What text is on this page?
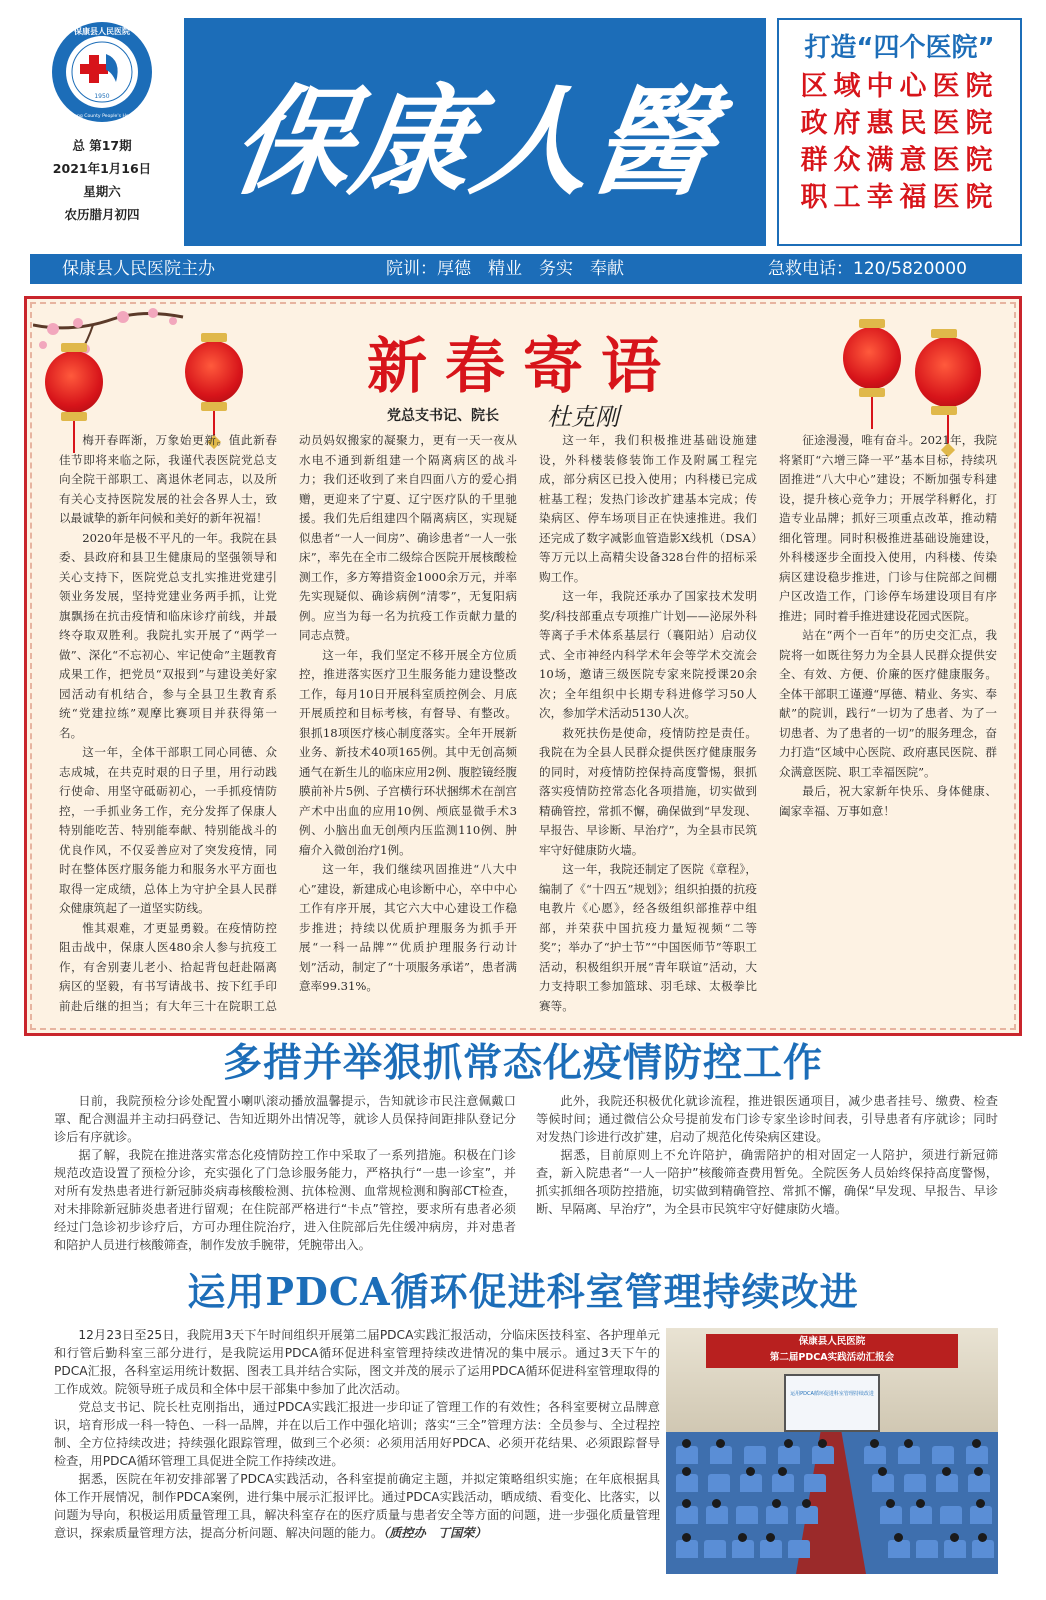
1950
保康县人民医院
Baokang County People's Hospital
总 第17期
2021年1月16日
星期六
农历腊月初四
保康人醫
打造“四个医院”
区域中心医院
政府惠民医院
群众满意医院
职工幸福医院
保康县人民医院主办	院训：厚德　精业　务实　奉献	急救电话：120/5820000
新春寄语
党总支书记、院长 杜克刚

梅开春晖渐，万象始更新。值此新春佳节即将来临之际，我谨代表医院党总支向全院干部职工、离退休老同志，以及所有关心支持医院发展的社会各界人士，致以最诚挚的新年问候和美好的新年祝福！

2020年是极不平凡的一年。我院在县委、县政府和县卫生健康局的坚强领导和关心支持下，医院党总支扎实推进党建引领业务发展，坚持党建业务两手抓，让党旗飘扬在抗击疫情和临床诊疗前线，并最终夺取双胜利。我院扎实开展了“两学一做”、深化“不忘初心、牢记使命”主题教育成果工作，把党员“双报到”与建设美好家园活动有机结合，参与全县卫生教育系统“党建拉练”观摩比赛项目并获得第一名。

这一年，全体干部职工同心同德、众志成城，在共克时艰的日子里，用行动践行使命、用坚守砥砺初心，一手抓疫情防控，一手抓业务工作，充分发挥了保康人特别能吃苦、特别能奉献、特别能战斗的优良作风，不仅妥善应对了突发疫情，同时在整体医疗服务能力和服务水平方面也取得一定成绩，总体上为守护全县人民群众健康筑起了一道坚实防线。

惟其艰难，才更显勇毅。在疫情防控阻击战中，保康人医480余人参与抗疫工作，有舍别妻儿老小、拾起背包赶赴隔离病区的坚毅，有书写请战书、按下红手印前赴后继的担当；有大年三十在院职工总动员妈奴搬家的凝聚力，更有一天一夜从水电不通到新组建一个隔离病区的战斗力；我们还收到了来自四面八方的爱心捐赠，更迎来了宁夏、辽宁医疗队的千里驰援。我们先后组建四个隔离病区，实现疑似患者“一人一间房”、确诊患者“一人一张床”，率先在全市二级综合医院开展核酸检测工作，多方筹措资金1000余万元，并率先实现疑似、确诊病例“清零”，无复阳病例。应当为每一名为抗疫工作贡献力量的同志点赞。

这一年，我们坚定不移开展全方位质控，推进落实医疗卫生服务能力建设整改工作，每月10日开展科室质控例会、月底开展质控和目标考核，有督导、有整改。狠抓18项医疗核心制度落实。全年开展新业务、新技术40项165例。其中无创高频通气在新生儿的临床应用2例、腹腔镜经腹膜前补片5例、子宫横行环状捆绑术在剖宫产术中出血的应用10例、颅底显微手术3例、小脑出血无创颅内压监测110例、肿瘤介入微创治疗1例。

这一年，我们继续巩固推进“八大中心”建设，新建成心电诊断中心，卒中中心工作有序开展，其它六大中心建设工作稳步推进；持续以优质护理服务为抓手开展“一科一品牌”“优质护理服务行动计划”活动，制定了“十项服务承诺”，患者满意率99.31%。

这一年，我们积极推进基础设施建设，外科楼装修装饰工作及附属工程完成，部分病区已投入使用；内科楼已完成桩基工程；发热门诊改扩建基本完成；传染病区、停车场项目正在快速推进。我们还完成了数字减影血管造影X线机（DSA）等万元以上高精尖设备328台件的招标采购工作。

这一年，我院还承办了国家技术发明奖/科技部重点专项推广计划——泌尿外科等离子手术体系基层行（襄阳站）启动仪式、全市神经内科学术年会等学术交流会10场，邀请三级医院专家来院授课20余次；全年组织中长期专科进修学习50人次，参加学术活动5130人次。

救死扶伤是使命，疫情防控是责任。我院在为全县人民群众提供医疗健康服务的同时，对疫情防控保持高度警惕，狠抓落实疫情防控常态化各项措施，切实做到精确管控，常抓不懈，确保做到“早发现、早报告、早诊断、早治疗”，为全县市民筑牢守好健康防火墙。

这一年，我院还制定了医院《章程》，编制了《“十四五”规划》；组织拍摄的抗疫电教片《心愿》，经各级组织部推荐中组部，并荣获中国抗疫力量短视频“二等奖”；举办了“护士节”“中国医师节”等职工活动，积极组织开展“青年联谊”活动，大力支持职工参加篮球、羽毛球、太极拳比赛等。

征途漫漫，唯有奋斗。2021年，我院将紧盯“六增三降一平”基本目标，持续巩固推进“八大中心”建设；不断加强专科建设，提升核心竞争力；开展学科孵化，打造专业品牌；抓好三项重点改革，推动精细化管理。同时积极推进基础设施建设，外科楼逐步全面投入使用，内科楼、传染病区建设稳步推进，门诊与住院部之间棚户区改造工作，门诊停车场建设项目有序推进；同时着手推进建设花园式医院。

站在“两个一百年”的历史交汇点，我院将一如既往努力为全县人民群众提供安全、有效、方便、价廉的医疗健康服务。全体干部职工谨遵“厚德、精业、务实、奉献”的院训，践行“一切为了患者、为了一切患者、为了患者的一切”的服务理念，奋力打造“区域中心医院、政府惠民医院、群众满意医院、职工幸福医院”。

最后，祝大家新年快乐、身体健康、阖家幸福、万事如意！

多措并举狠抓常态化疫情防控工作

日前，我院预检分诊处配置小喇叭滚动播放温馨提示，告知就诊市民注意佩戴口罩、配合测温并主动扫码登记、告知近期外出情况等，就诊人员保持间距排队登记分诊后有序就诊。

据了解，我院在推进落实常态化疫情防控工作中采取了一系列措施。积极在门诊规范改造设置了预检分诊，充实强化了门急诊服务能力，严格执行“一患一诊室”，并对所有发热患者进行新冠肺炎病毒核酸检测、抗体检测、血常规检测和胸部CT检查，对未排除新冠肺炎患者进行留观；在住院部严格进行“卡点”管控，要求所有患者必须经过门急诊初步诊疗后，方可办理住院治疗，进入住院部后先住缓冲病房，并对患者和陪护人员进行核酸筛查，制作发放手腕带，凭腕带出入。

此外，我院还积极优化就诊流程，推进银医通项目，减少患者挂号、缴费、检查等候时间；通过微信公众号提前发布门诊专家坐诊时间表，引导患者有序就诊；同时对发热门诊进行改扩建，启动了规范化传染病区建设。

据悉，目前原则上不允许陪护，确需陪护的相对固定一人陪护，须进行新冠筛查，新入院患者“一人一陪护”核酸筛查费用暂免。全院医务人员始终保持高度警惕，抓实抓细各项防控措施，切实做到精确管控、常抓不懈，确保“早发现、早报告、早诊断、早隔离、早治疗”，为全县市民筑牢守好健康防火墙。

运用PDCA循环促进科室管理持续改进

12月23日至25日，我院用3天下午时间组织开展第二届PDCA实践汇报活动，分临床医技科室、各护理单元和行管后勤科室三部分进行，是我院运用PDCA循环促进科室管理持续改进情况的集中展示。通过3天下午的PDCA汇报，各科室运用统计数据、图表工具并结合实际，图文并茂的展示了运用PDCA循环促进科室管理取得的工作成效。院领导班子成员和全体中层干部集中参加了此次活动。

党总支书记、院长杜克刚指出，通过PDCA实践汇报进一步印证了管理工作的有效性；各科室要树立品牌意识，培育形成一科一特色、一科一品牌，并在以后工作中强化培训；落实“三全”管理方法：全员参与、全过程控制、全方位持续改进；持续强化跟踪管理，做到三个必须：必须用活用好PDCA、必须开花结果、必须跟踪督导检查，用PDCA循环管理工具促进全院工作持续改进。

据悉，医院在年初安排部署了PDCA实践活动，各科室提前确定主题，并拟定策略组织实施；在年底根据具体工作开展情况，制作PDCA案例，进行集中展示汇报评比。通过PDCA实践活动，晒成绩、看变化、比落实，以问题为导向，积极运用质量管理工具，解决科室存在的医疗质量与患者安全等方面的问题，进一步强化质量管理意识，探索质量管理方法，提高分析问题、解决问题的能力。（质控办　丁国荣）

保康县人民医院
第二届PDCA实践活动汇报会
运用PDCA循环促进科室管理持续改进
